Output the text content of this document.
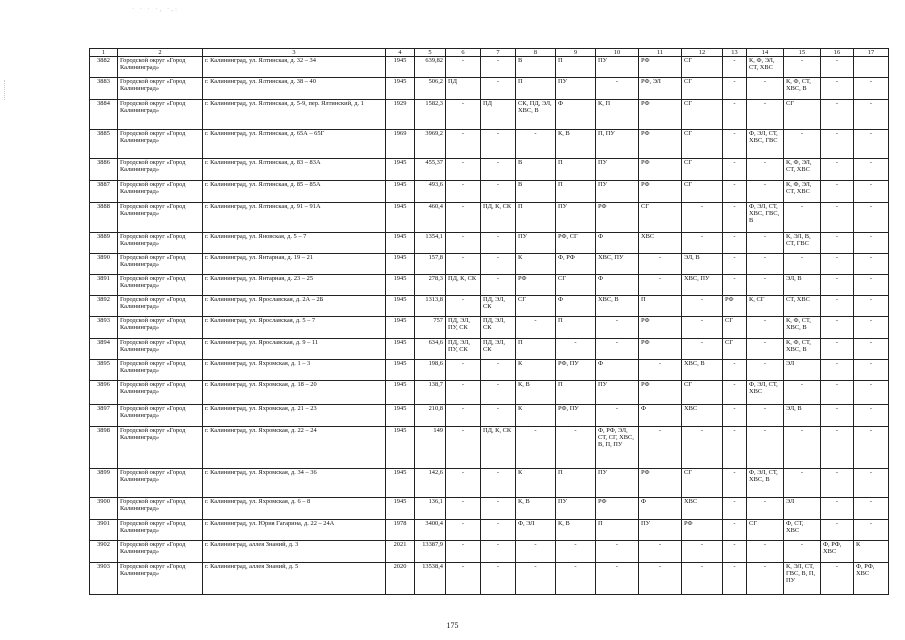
· · · ·, ·,:
1	2	3	4	5	6	7	8	9	10	11	12	13	14	15	16	17
3882	Городской округ «Город Калининград»	г. Калининград, ул. Ялтинская, д. 32 – 34	1945	639,82	-	-	В	П	ПУ	РФ	СГ	-	К, Ф, ЭЛ, СТ, ХВС	-	-	
3883	Городской округ «Город Калининград»	г. Калининград, ул. Ялтинская, д. 38 – 40	1945	506,2	ПД	-	П	ПУ	-	РФ, ЭЛ	СГ	-	-	К, Ф, СТ, ХВС, В	-	-
3884	Городской округ «Город Калининград»	г. Калининград, ул. Ялтинская, д. 5-9, пер. Ялтинский, д. 1	1929	1582,3	-	ПД	СК, ПД, ЭЛ, ХВС, В	Ф	К, П	РФ	СГ	-	-	СГ	-	-
3885	Городской округ «Город Калининград»	г. Калининград, ул. Ялтинская, д. 65А – 65Г	1969	3969,2	-	-	-	К, В	П, ПУ	РФ	СГ	-	Ф, ЭЛ, СТ, ХВС, ГВС	-	-	-
3886	Городской округ «Город Калининград»	г. Калининград, ул. Ялтинская, д. 83 – 83А	1945	455,37	-	-	В	П	ПУ	РФ	СГ	-	-	К, Ф, ЭЛ, СТ, ХВС	-	-
3887	Городской округ «Город Калининград»	г. Калининград, ул. Ялтинская, д. 85 – 85А	1945	493,6	-	-	В	П	ПУ	РФ	СГ	-	-	К, Ф, ЭЛ, СТ, ХВС	-	-
3888	Городской округ «Город Калининград»	г. Калининград, ул. Ялтинская, д. 91 – 91А	1945	460,4	-	ПД, К, СК	П	ПУ	РФ	СГ	-	-	Ф, ЭЛ, СТ, ХВС, ГВС, В	-	-	-
3889	Городской округ «Город Калининград»	г. Калининград, ул. Яновская, д. 5 – 7	1945	1354,1	-	-	ПУ	РФ, СГ	Ф	ХВС	-	-	-	К, ЭЛ, В, СТ, ГВС	-	-
3890	Городской округ «Город Калининград»	г. Калининград, ул. Янтарная, д. 19 – 21	1945	157,8	-	-	К	Ф, РФ	ХВС, ПУ	-	ЭЛ, В	-	-	-	-	-
3891	Городской округ «Город Калининград»	г. Калининград, ул. Янтарная, д. 23 – 25	1945	278,3	ПД, К, СК	-	РФ	СГ	Ф	-	ХВС, ПУ	-	-	ЭЛ, В	-	-
3892	Городской округ «Город Калининград»	г. Калининград, ул. Ярославская, д. 2А – 2Б	1945	1313,8	-	ПД, ЭЛ, СК	СГ	Ф	ХВС, В	П	-	РФ	К, СГ	СТ, ХВС	-	-
3893	Городской округ «Город Калининград»	г. Калининград, ул. Ярославская, д. 5 – 7	1945	757	ПД, ЭЛ, ПУ, СК	ПД, ЭЛ, СК	-	П	-	РФ	-	СГ	-	К, Ф, СТ, ХВС, В	-	-
3894	Городской округ «Город Калининград»	г. Калининград, ул. Ярославская, д. 9 – 11	1945	634,6	ПД, ЭЛ, ПУ, СК	ПД, ЭЛ, СК	П	-	-	РФ	-	СГ	-	К, Ф, СТ, ХВС, В	-	-
3895	Городской округ «Город Калининград»	г. Калининград, ул. Яхромская, д. 1 – 3	1945	198,6	-	-	К	РФ, ПУ	Ф	-	ХВС, В	-	-	ЭЛ	-	-
3896	Городской округ «Город Калининград»	г. Калининград, ул. Яхромская, д. 18 – 20	1945	138,7	-	-	К, В	П	ПУ	РФ	СГ	-	Ф, ЭЛ, СТ, ХВС	-	-	-
3897	Городской округ «Город Калининград»	г. Калининград, ул. Яхромская, д. 21 – 23	1945	210,8	-	-	К	РФ, ПУ	-	Ф	ХВС	-	-	ЭЛ, В	-	-
3898	Городской округ «Город Калининград»	г. Калининград, ул. Яхромская, д. 22 – 24	1945	149	-	ПД, К, СК	-	-	Ф, РФ, ЭЛ, СТ, СГ, ХВС, В, П, ПУ	-	-	-	-	-	-	-
3899	Городской округ «Город Калининград»	г. Калининград, ул. Яхромская, д. 34 – 36	1945	142,6	-	-	К	П	ПУ	РФ	СГ	-	Ф, ЭЛ, СТ, ХВС, В	-	-	-
3900	Городской округ «Город Калининград»	г. Калининград, ул. Яхромская, д. 6 – 8	1945	136,1	-	-	К, В	ПУ	РФ	Ф	ХВС	-	-	ЭЛ	-	-
3901	Городской округ «Город Калининград»	г. Калининград, ул. Юрия Гагарина, д. 22 – 24А	1978	3400,4	-	-	Ф, ЭЛ	К, В	П	ПУ	РФ	-	СГ	Ф, СТ, ХВС	-	-
3902	Городской округ «Город Калининград»	г. Калининград, аллея Знаний, д. 3	2021	13387,9	-	-	-	-	-	-	-	-	-	-	Ф, РФ, ХВС	К
3903	Городской округ «Город Калининград»	г. Калининград, аллея Знаний, д. 5	2020	13538,4	-	-	-	-	-	-	-	-	-	К, ЭЛ, СТ, ГВС, В, П, ПУ	-	Ф, РФ, ХВС
175
